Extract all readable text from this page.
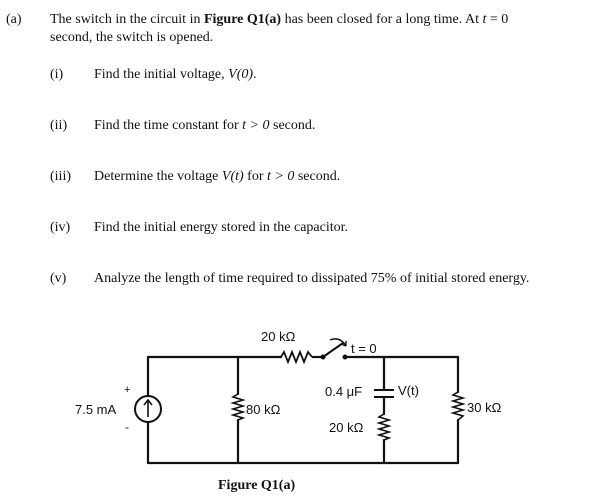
(a) The switch in the circuit in Figure Q1(a) has been closed for a long time. At t = 0
second, the switch is opened.
(i) Find the initial voltage, V(0).
(ii) Find the time constant for t > 0 second.
(iii) Determine the voltage V(t) for t > 0 second.
(iv) Find the initial energy stored in the capacitor.
(v) Analyze the length of time required to dissipated 75% of initial stored energy.
20 kΩ
t = 0
+
7.5 mA
-
80 kΩ
0.4 μF	V(t)
20 kΩ
30 kΩ
Figure Q1(a)
